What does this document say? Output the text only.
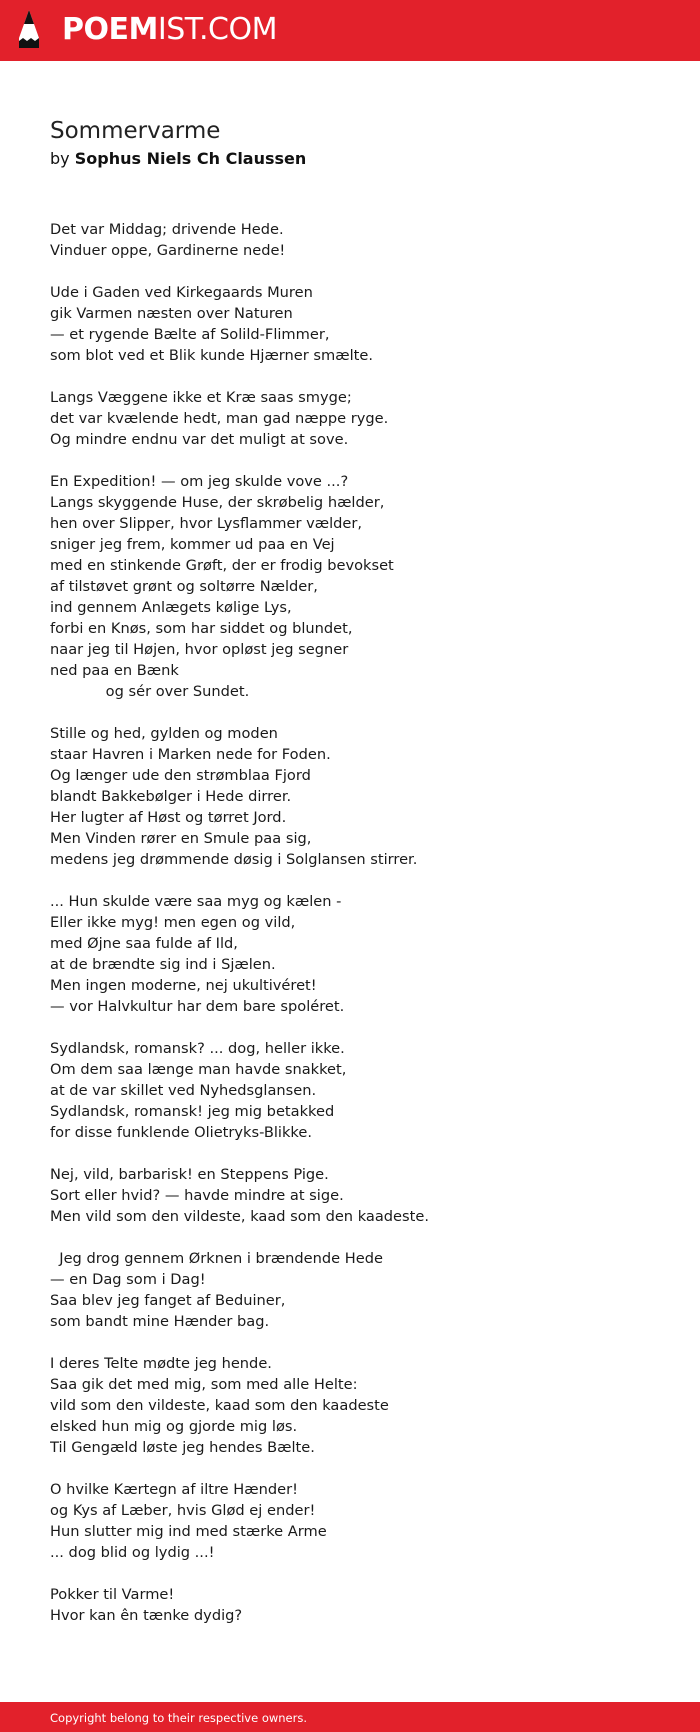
POEMIST.COM
Sommervarme
by Sophus Niels Ch Claussen
Det var Middag; drivende Hede.
Vinduer oppe, Gardinerne nede!
Ude i Gaden ved Kirkegaards Muren
gik Varmen næsten over Naturen
— et rygende Bælte af Solild-Flimmer,
som blot ved et Blik kunde Hjærner smælte.
Langs Væggene ikke et Kræ saas smyge;
det var kvælende hedt, man gad næppe ryge.
Og mindre endnu var det muligt at sove.
En Expedition! — om jeg skulde vove ...?
Langs skyggende Huse, der skrøbelig hælder,
hen over Slipper, hvor Lysflammer vælder,
sniger jeg frem, kommer ud paa en Vej
med en stinkende Grøft, der er frodig bevokset
af tilstøvet grønt og soltørre Nælder,
ind gennem Anlægets kølige Lys,
forbi en Knøs, som har siddet og blundet,
naar jeg til Højen, hvor opløst jeg segner
ned paa en Bænk
og sér over Sundet.
Stille og hed, gylden og moden
staar Havren i Marken nede for Foden.
Og længer ude den strømblaa Fjord
blandt Bakkebølger i Hede dirrer.
Her lugter af Høst og tørret Jord.
Men Vinden rører en Smule paa sig,
medens jeg drømmende døsig i Solglansen stirrer.
... Hun skulde være saa myg og kælen -
Eller ikke myg! men egen og vild,
med Øjne saa fulde af Ild,
at de brændte sig ind i Sjælen.
Men ingen moderne, nej ukultivéret!
— vor Halvkultur har dem bare spoléret.
Sydlandsk, romansk? ... dog, heller ikke.
Om dem saa længe man havde snakket,
at de var skillet ved Nyhedsglansen.
Sydlandsk, romansk! jeg mig betakked
for disse funklende Olietryks-Blikke.
Nej, vild, barbarisk! en Steppens Pige.
Sort eller hvid? — havde mindre at sige.
Men vild som den vildeste, kaad som den kaadeste.
Jeg drog gennem Ørknen i brændende Hede
— en Dag som i Dag!
Saa blev jeg fanget af Beduiner,
som bandt mine Hænder bag.
I deres Telte mødte jeg hende.
Saa gik det med mig, som med alle Helte:
vild som den vildeste, kaad som den kaadeste
elsked hun mig og gjorde mig løs.
Til Gengæld løste jeg hendes Bælte.
O hvilke Kærtegn af iltre Hænder!
og Kys af Læber, hvis Glød ej ender!
Hun slutter mig ind med stærke Arme
... dog blid og lydig ...!
Pokker til Varme!
Hvor kan ên tænke dydig?
Copyright belong to their respective owners.
